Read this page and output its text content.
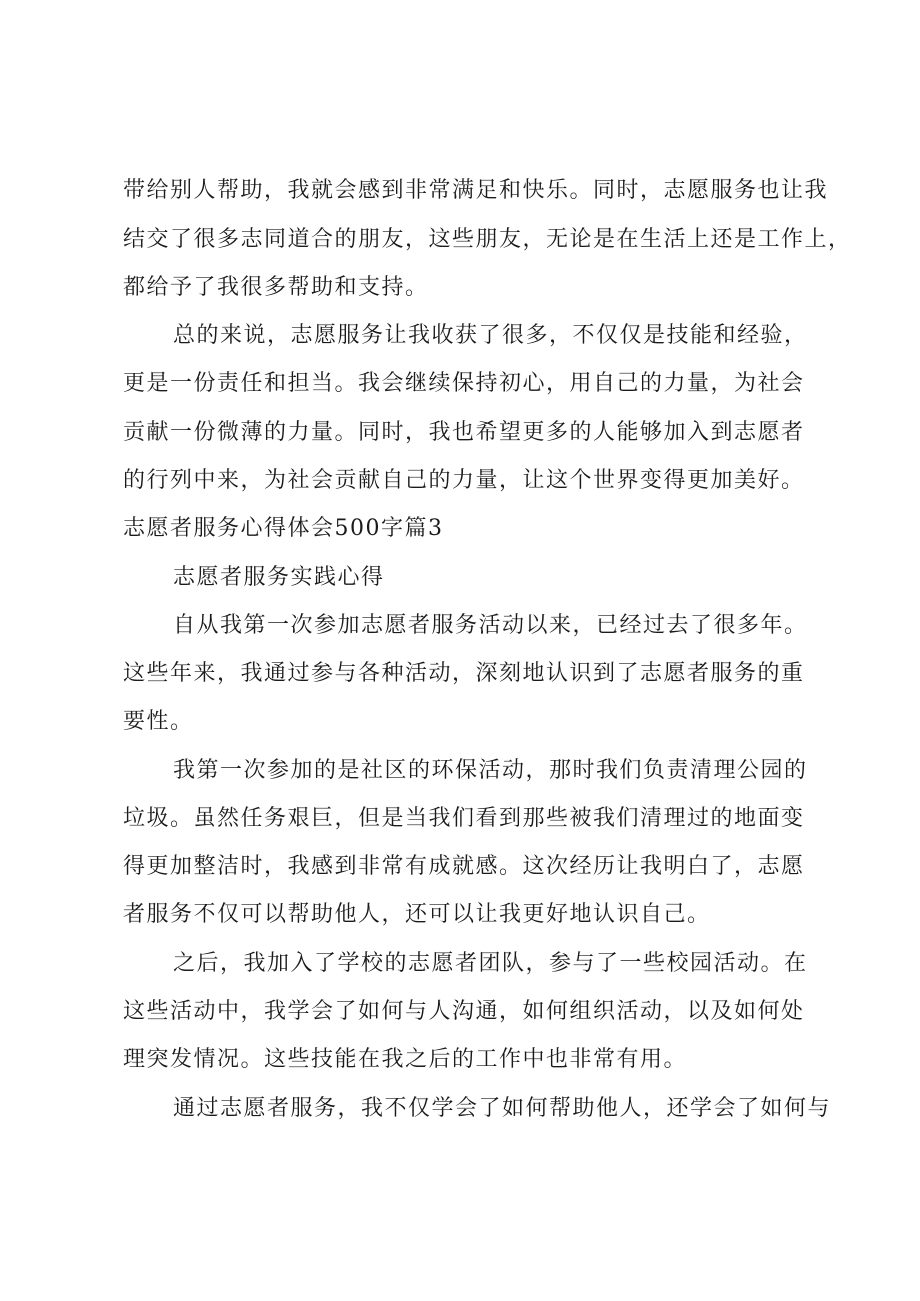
带给别人帮助，我就会感到非常满足和快乐。同时，志愿服务也让我
结交了很多志同道合的朋友，这些朋友，无论是在生活上还是工作上，
都给予了我很多帮助和支持。
总的来说，志愿服务让我收获了很多，不仅仅是技能和经验，
更是一份责任和担当。我会继续保持初心，用自己的力量，为社会
贡献一份微薄的力量。同时，我也希望更多的人能够加入到志愿者
的行列中来，为社会贡献自己的力量，让这个世界变得更加美好。
志愿者服务心得体会500字篇3
志愿者服务实践心得
自从我第一次参加志愿者服务活动以来，已经过去了很多年。
这些年来，我通过参与各种活动，深刻地认识到了志愿者服务的重
要性。
我第一次参加的是社区的环保活动，那时我们负责清理公园的
垃圾。虽然任务艰巨，但是当我们看到那些被我们清理过的地面变
得更加整洁时，我感到非常有成就感。这次经历让我明白了，志愿
者服务不仅可以帮助他人，还可以让我更好地认识自己。
之后，我加入了学校的志愿者团队，参与了一些校园活动。在
这些活动中，我学会了如何与人沟通，如何组织活动，以及如何处
理突发情况。这些技能在我之后的工作中也非常有用。
通过志愿者服务，我不仅学会了如何帮助他人，还学会了如何与
